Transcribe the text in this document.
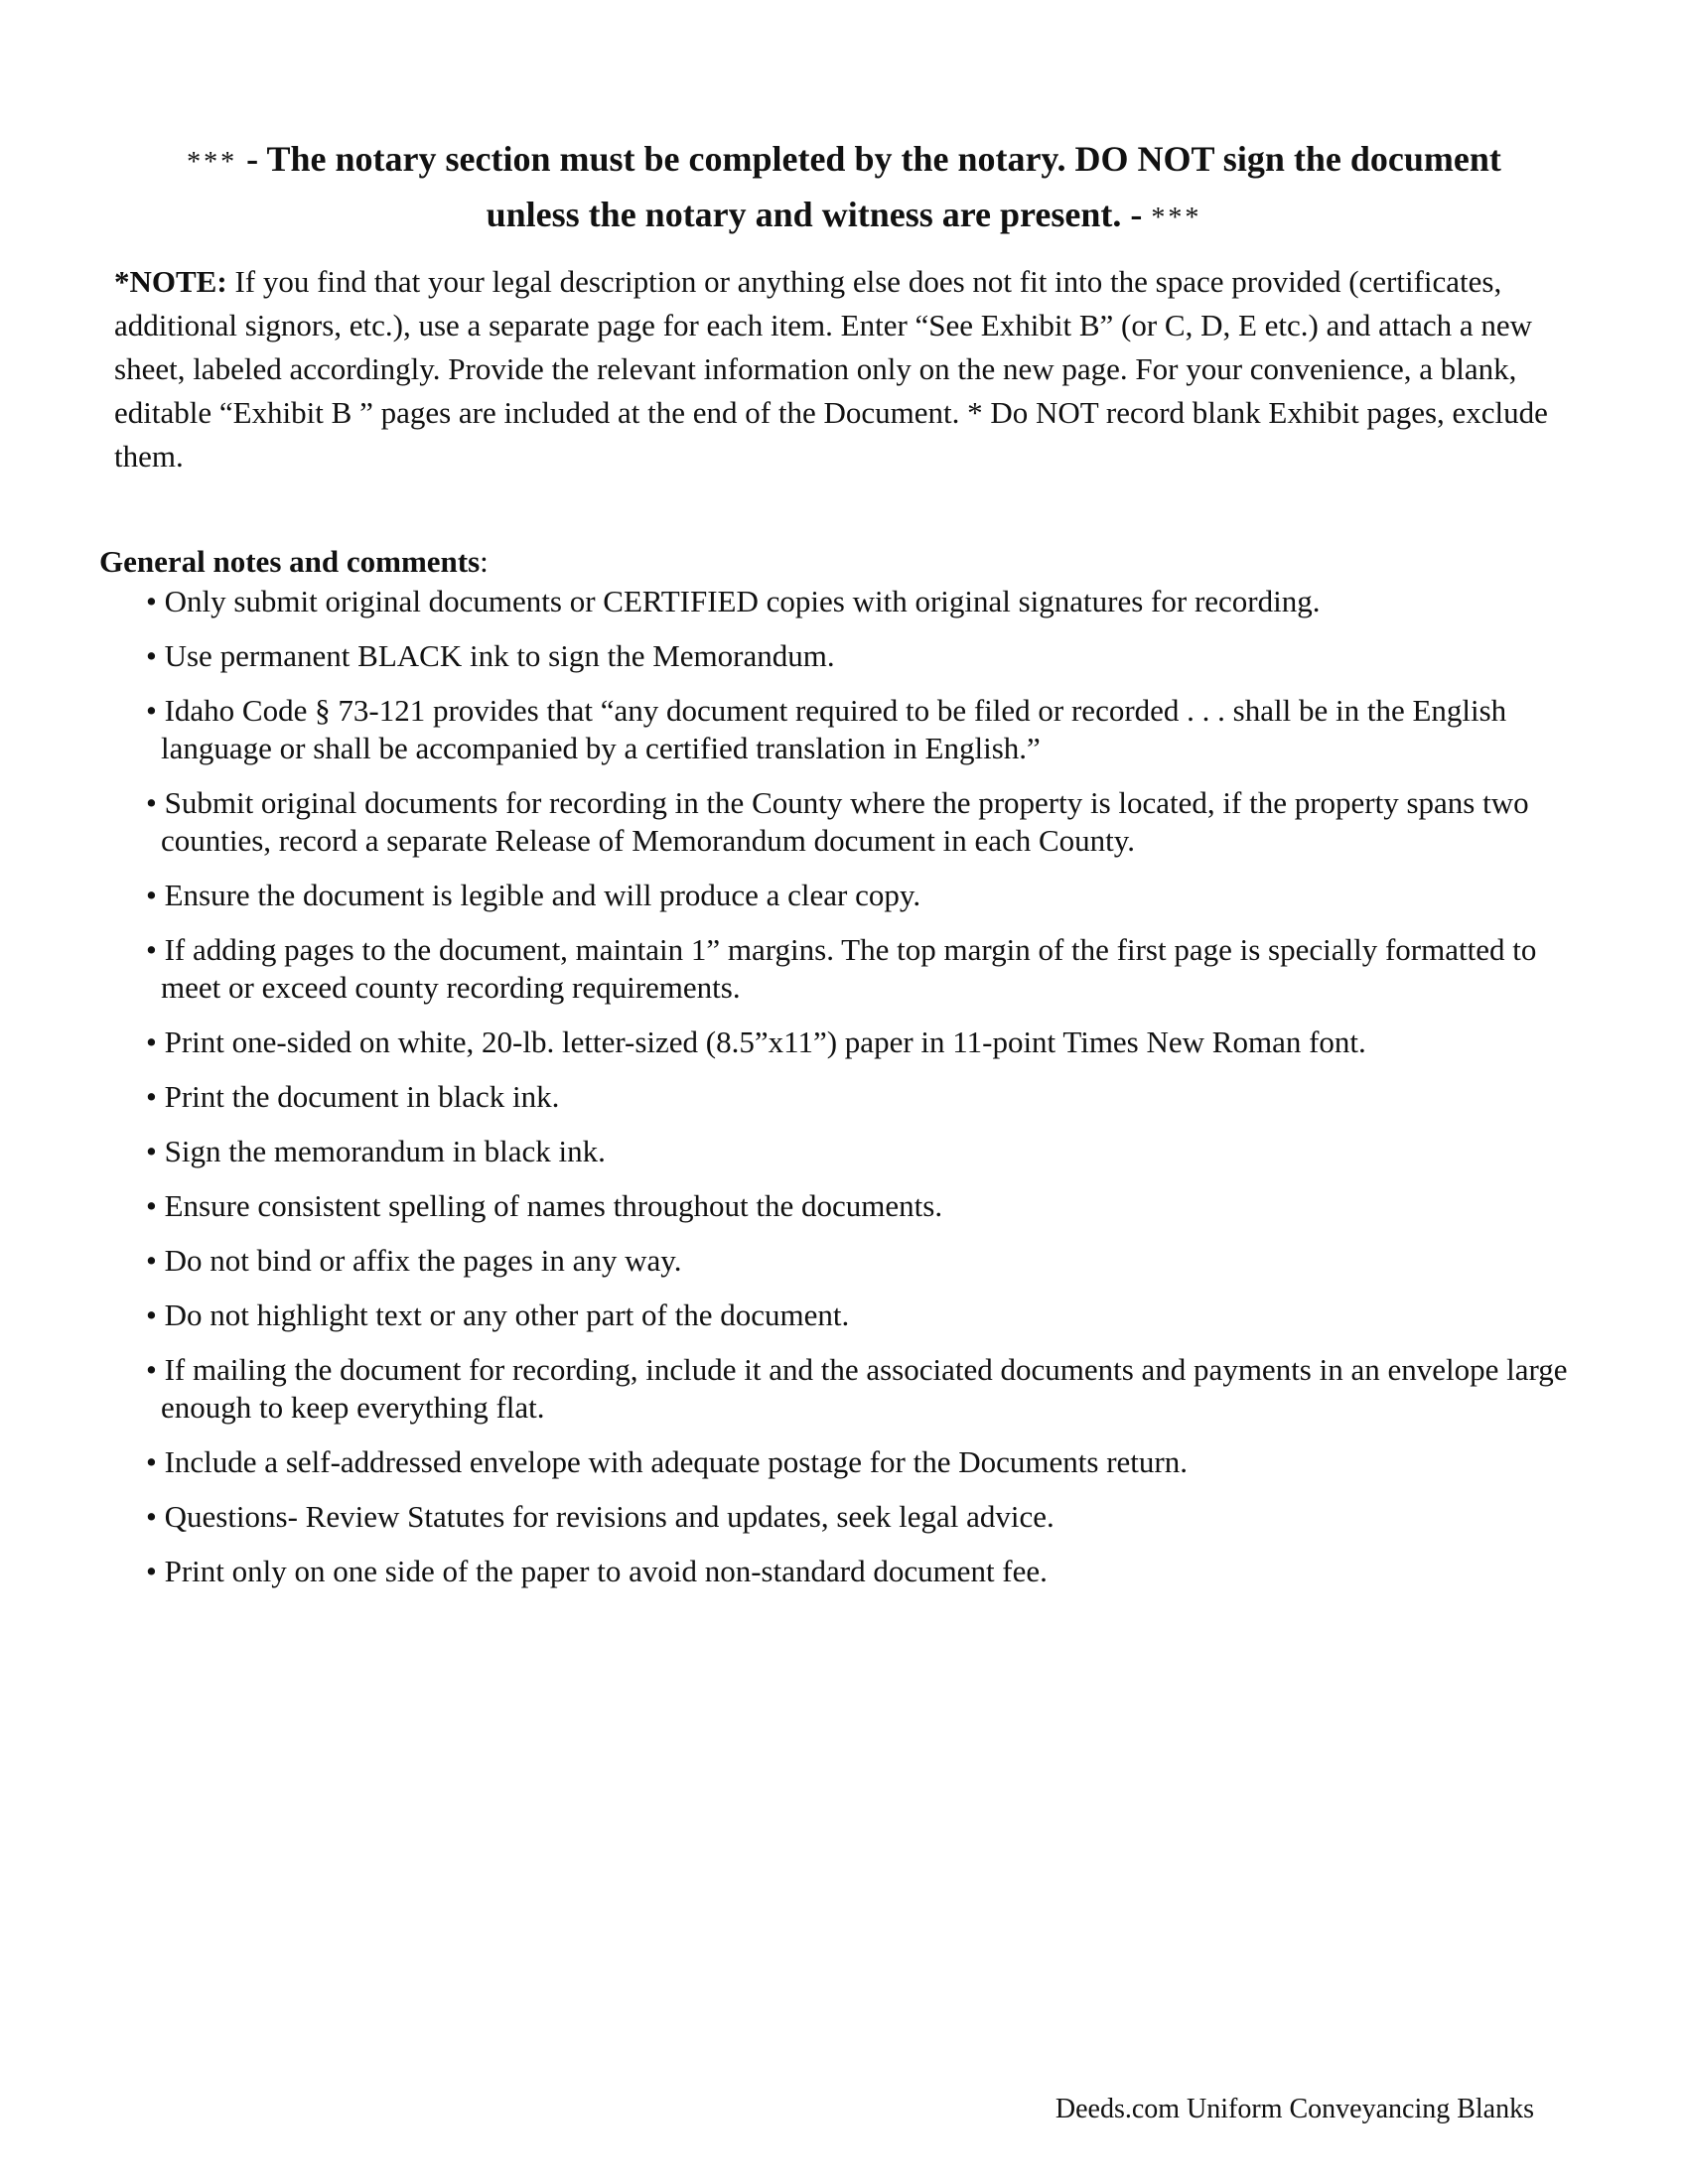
*** - The notary section must be completed by the notary. DO NOT sign the document unless the notary and witness are present. - ***

*NOTE: If you find that your legal description or anything else does not fit into the space provided (certificates, additional signors, etc.), use a separate page for each item. Enter “See Exhibit B” (or C, D, E etc.) and attach a new sheet, labeled accordingly. Provide the relevant information only on the new page. For your convenience, a blank, editable “Exhibit B ” pages are included at the end of the Document. * Do NOT record blank Exhibit pages, exclude them.

General notes and comments:

• Only submit original documents or CERTIFIED copies with original signatures for recording.
• Use permanent BLACK ink to sign the Memorandum.
• Idaho Code § 73-121 provides that “any document required to be filed or recorded . . . shall be in the English language or shall be accompanied by a certified translation in English.”
• Submit original documents for recording in the County where the property is located, if the property spans two counties, record a separate Release of Memorandum document in each County.
• Ensure the document is legible and will produce a clear copy.
• If adding pages to the document, maintain 1” margins. The top margin of the first page is specially formatted to meet or exceed county recording requirements.
• Print one-sided on white, 20-lb. letter-sized (8.5”x11”) paper in 11-point Times New Roman font.
• Print the document in black ink.
• Sign the memorandum in black ink.
• Ensure consistent spelling of names throughout the documents.
• Do not bind or affix the pages in any way.
• Do not highlight text or any other part of the document.
• If mailing the document for recording, include it and the associated documents and payments in an envelope large enough to keep everything flat.
• Include a self-addressed envelope with adequate postage for the Documents return.
• Questions- Review Statutes for revisions and updates, seek legal advice.
• Print only on one side of the paper to avoid non-standard document fee.
Deeds.com Uniform Conveyancing Blanks
